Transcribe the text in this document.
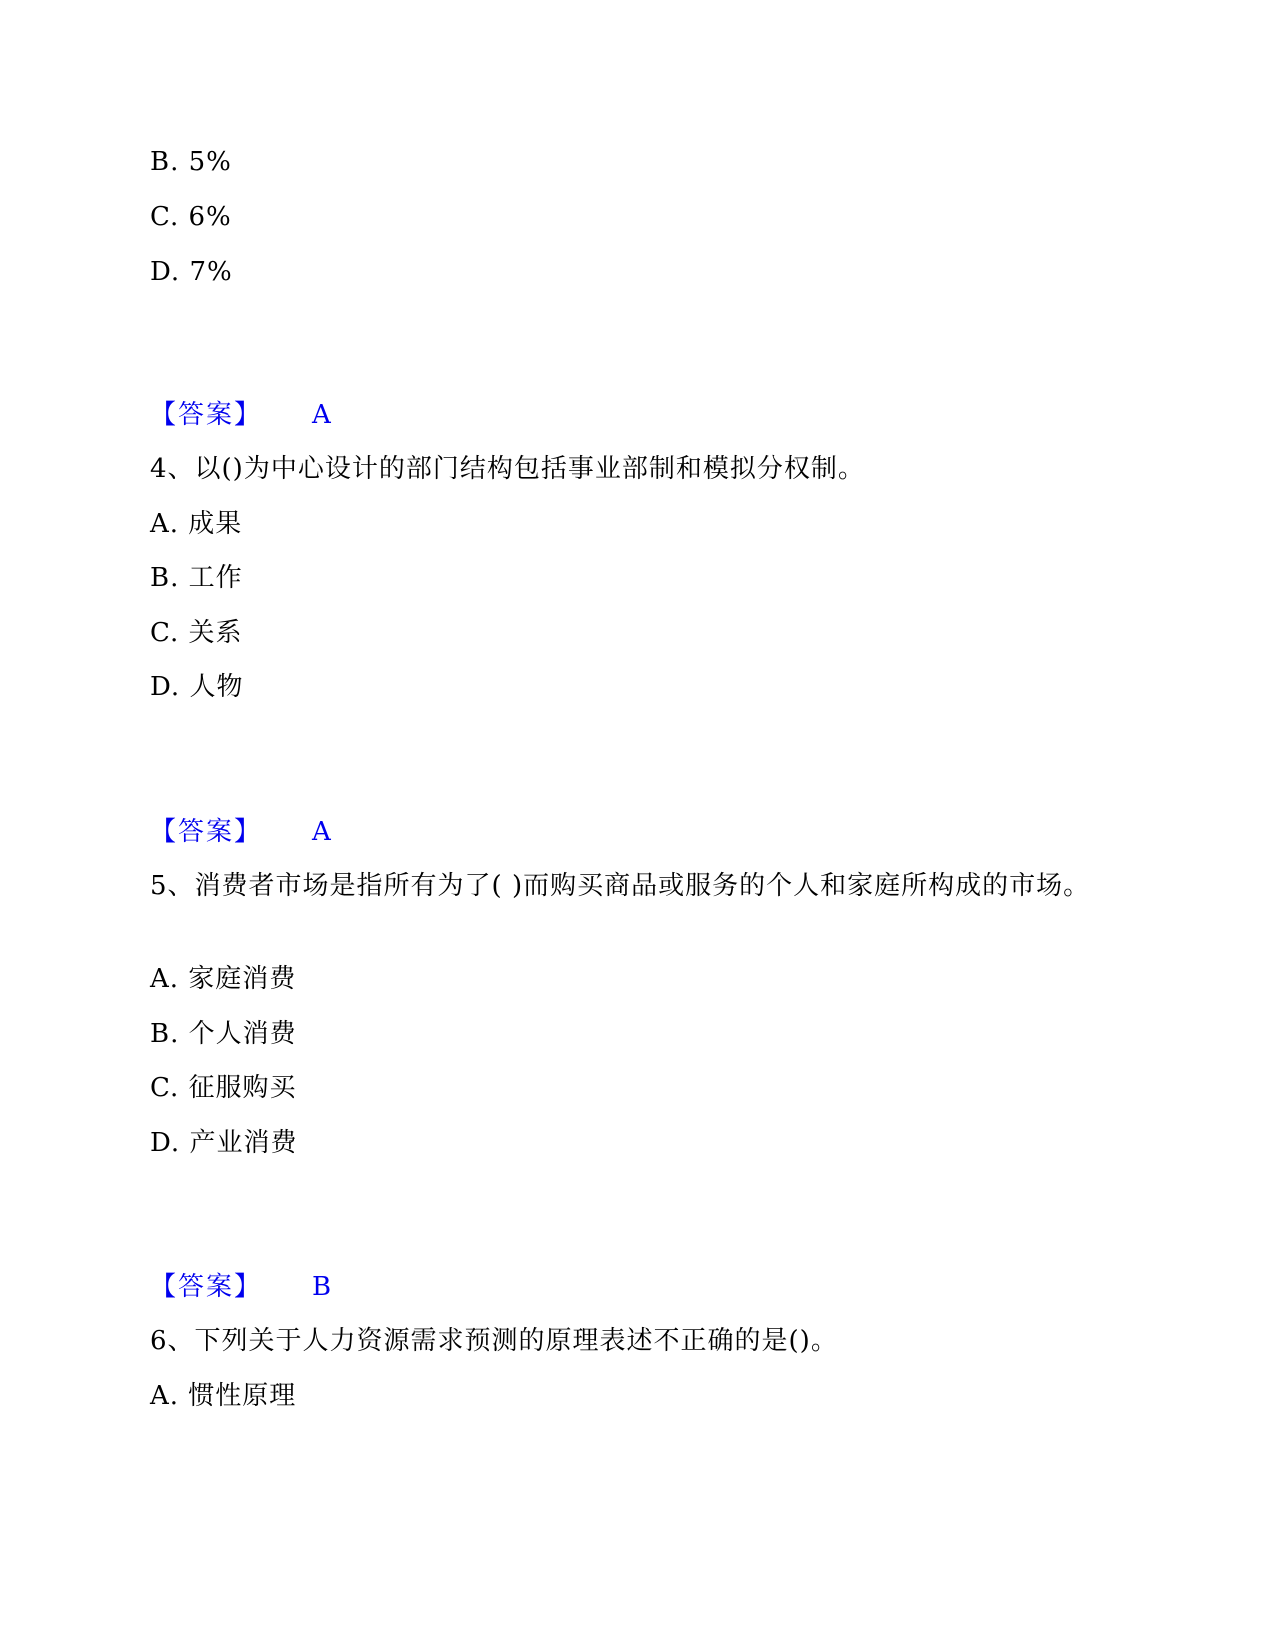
B. 5%
C. 6%
D. 7%
【答案】 A
4、以()为中心设计的部门结构包括事业部制和模拟分权制。
A. 成果
B. 工作
C. 关系
D. 人物
【答案】 A
5、消费者市场是指所有为了( )而购买商品或服务的个人和家庭所构成的市场。
A. 家庭消费
B. 个人消费
C. 征服购买
D. 产业消费
【答案】 B
6、下列关于人力资源需求预测的原理表述不正确的是()。
A. 惯性原理
